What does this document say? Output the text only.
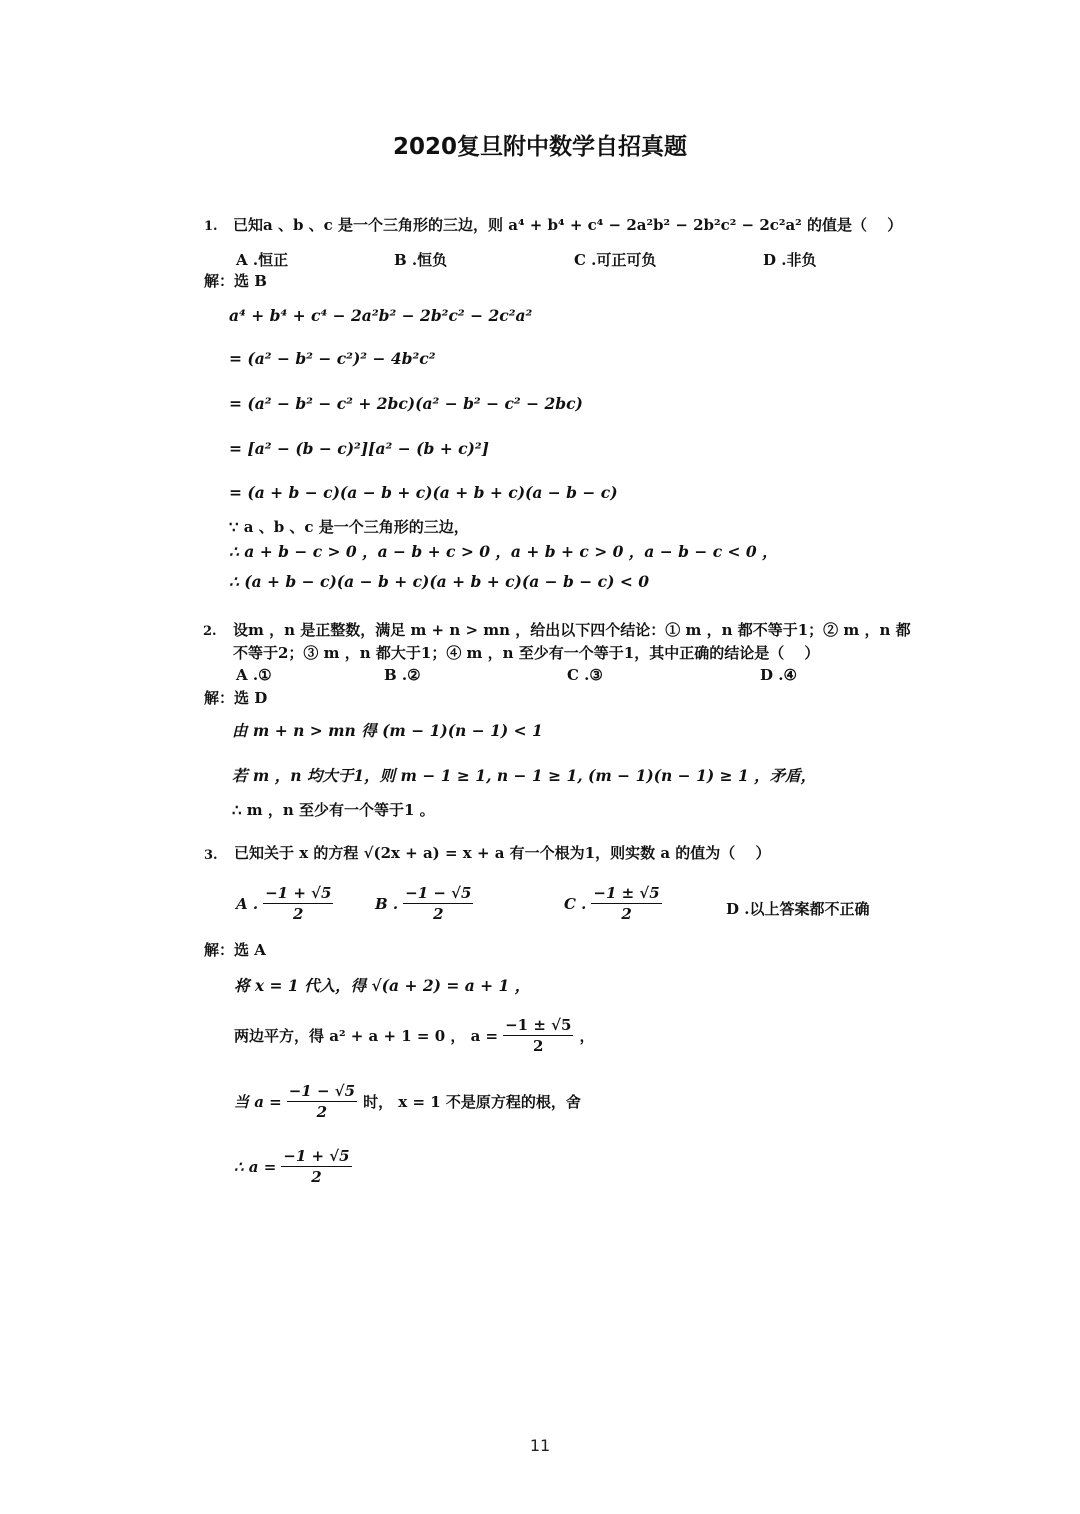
2020复旦附中数学自招真题
1. 已知a 、b 、c 是一个三角形的三边，则 a⁴ + b⁴ + c⁴ − 2a²b² − 2b²c² − 2c²a² 的值是（　 ）
A .恒正	B .恒负	C .可正可负	D .非负
解：选 B
a⁴ + b⁴ + c⁴ − 2a²b² − 2b²c² − 2c²a²
= (a² − b² − c²)² − 4b²c²
= (a² − b² − c² + 2bc)(a² − b² − c² − 2bc)
= [a² − (b − c)²][a² − (b + c)²]
= (a + b − c)(a − b + c)(a + b + c)(a − b − c)
∵ a 、b 、c 是一个三角形的三边，
∴ a + b − c > 0 ，a − b + c > 0 ，a + b + c > 0 ，a − b − c < 0 ，
∴ (a + b − c)(a − b + c)(a + b + c)(a − b − c) < 0
2. 设m ，n 是正整数，满足 m + n > mn ，给出以下四个结论：① m ，n 都不等于1；② m ，n 都
不等于2；③ m ，n 都大于1；④ m ，n 至少有一个等于1，其中正确的结论是（　 ）
A .①	B .②	C .③	D .④
解：选 D
由 m + n > mn 得 (m − 1)(n − 1) < 1
若 m ，n 均大于1，则 m − 1 ≥ 1, n − 1 ≥ 1, (m − 1)(n − 1) ≥ 1 ，矛盾，
∴ m ，n 至少有一个等于1 。
3. 已知关于 x 的方程 √(2x + a) = x + a 有一个根为1，则实数 a 的值为（　 ）
A . $\frac{-1 + √5}{2}$	B . $\frac{-1 - √5}{2}$	C . $\frac{-1 \pm √5}{2}$	D .以上答案都不正确
解：选 A
将 x = 1 代入，得 √(a + 2) = a + 1 ，
两边平方，得 a² + a + 1 = 0 ， $a = \frac{-1 \pm √5}{2}$ ，
当 $a = \frac{-1 - √5}{2}$ 时， x = 1 不是原方程的根，舍
∴ $a = \frac{-1 + √5}{2}$
11
